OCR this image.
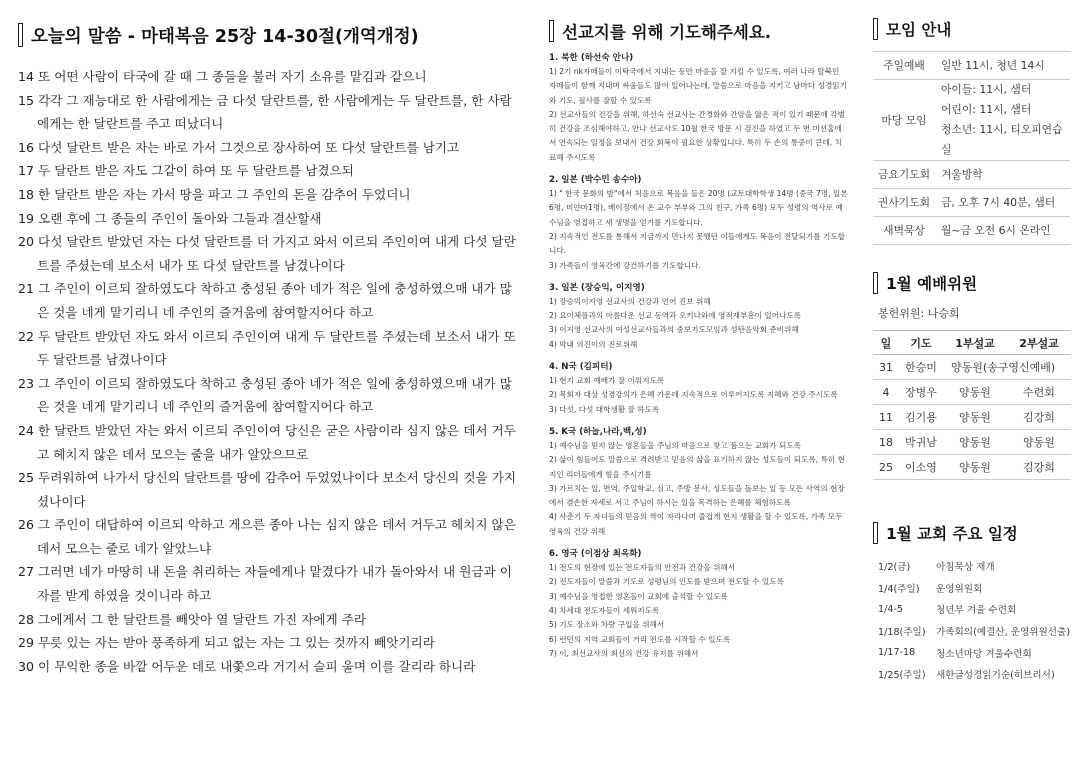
오늘의 말씀 - 마태복음 25장 14-30절(개역개정)
14 또 어떤 사람이 타국에 갈 때 그 종들을 불러 자기 소유를 맡김과 같으니
15 각각 그 재능대로 한 사람에게는 금 다섯 달란트를, 한 사람에게는 두 달란트를, 한 사람에게는 한 달란트를 주고 떠났더니
16 다섯 달란트 받은 자는 바로 가서 그것으로 장사하여 또 다섯 달란트를 남기고
17 두 달란트 받은 자도 그같이 하여 또 두 달란트를 남겼으되
18 한 달란트 받은 자는 가서 땅을 파고 그 주인의 돈을 감추어 두었더니
19 오랜 후에 그 종들의 주인이 돌아와 그들과 결산할새
20 다섯 달란트 받았던 자는 다섯 달란트를 더 가지고 와서 이르되 주인이여 내게 다섯 달란트를 주셨는데 보소서 내가 또 다섯 달란트를 남겼나이다
21 그 주인이 이르되 잘하였도다 착하고 충성된 종아 네가 적은 일에 충성하였으매 내가 많은 것을 네게 맡기리니 네 주인의 즐거움에 참여할지어다 하고
22 두 달란트 받았던 자도 와서 이르되 주인이여 내게 두 달란트를 주셨는데 보소서 내가 또 두 달란트를 남겼나이다
23 그 주인이 이르되 잘하였도다 착하고 충성된 종아 네가 적은 일에 충성하였으매 내가 많은 것을 네게 맡기리니 네 주인의 즐거움에 참여할지어다 하고
24 한 달란트 받았던 자는 와서 이르되 주인이여 당신은 굳은 사람이라 심지 않은 데서 거두고 헤치지 않은 데서 모으는 줄을 내가 알았으므로
25 두려워하여 나가서 당신의 달란트를 땅에 감추어 두었었나이다 보소서 당신의 것을 가지셨나이다
26 그 주인이 대답하여 이르되 악하고 게으른 종아 나는 심지 않은 데서 거두고 헤치지 않은 데서 모으는 줄로 네가 알았느냐
27 그러면 네가 마땅히 내 돈을 취리하는 자들에게나 맡겼다가 내가 돌아와서 내 원금과 이자를 받게 하였을 것이니라 하고
28 그에게서 그 한 달란트를 빼앗아 열 달란트 가진 자에게 주라
29 무릇 있는 자는 받아 풍족하게 되고 없는 자는 그 있는 것까지 빼앗기리라
30 이 무익한 종을 바깥 어두운 데로 내쫓으라 거기서 슬피 울며 이를 갈리라 하니라
선교지를 위해 기도해주세요.
1. 북한 (하선숙 안나)
1) 2기 nk자매들이 이탁국에서 지내는 동안 마음을 잘 지킬 수 있도록, 여러 나라 탈북민 자매들이 함께 지내며 싸움들도 많이 일어나는데, 말씀으로 마음을 지키고 남마다 성경읽기와 기도, 필사를 잘할 수 있도록
2) 선교사들의 건강을 위해, 하선숙 선교사는 간경화와 간암을 앓은 적이 있기 때문에 각별히 건강을 조심해야하고, 안나 선교사도 10월 한국 방문 시 검진을 하였고 두 번 미션홈에서 연속되는 일정을 보내서 건강 회복이 필요한 상황입니다. 특히 두 손의 통증이 큰데, 치료해 주시도록
2. 일본 (박수민 송수아)
1) " 한국 문화의 밤"에서 처음으로 복음을 들은 20명 (교토대학학생 14명 (중국 7명, 일본6명, 미얀마1명), 베이징에서 온 교수 부부와 그의 친구, 가족 6명) 모두 성령의 역사로 예수님을 영접하고 새 생명을 얻기를 기도합니다.
2) 지속적인 전도를 통해서 지금까지 만나지 못했던 이들에게도 복음이 전달되기를 기도합니다.
3) 가족들이 영육간에 강건하기를 기도합니다.
3. 일본 (장승익, 이지영)
1) 장승익이지영 선교사의 건강과 언어 진보 위해
2) 요이체플과의 아름다운 선교 동역과 오키나와에 영적재부흥이 일어나도록
3) 이지영 선교사의 여성선교사들과의 중보기도모임과 성탄음악회 준비위해
4) 막내 의진이의 진로위해
4. N국 (김피터)
1) 현지 교회 예배가 잘 이뤄지도록
2) 목회자 대상 성경강의가 은혜 가운데 지속적으로 이루어지도록 지혜와 건강 주시도록
3) 다섯, 다섯 대학생활 잘 하도록
5. K국 (하늘,나라,백,성)
1) 예수님을 믿지 않는 영혼들을 주님의 마음으로 찾고 품으는 교회가 되도록
2) 삶이 힘들어도 말씀으로 격려받고 믿음의 삶을 표기하지 않는 성도들이 되도록, 특히 현지인 리더들에게 힘을 주시기를
3) 가르치는 일, 번역, 주일학교, 심고, 주방 봉사, 성도들을 돌보는 일 등 모든 사역의 현장에서 겸손한 자세로 서고 주님이 하시는 일을 목격하는 은혜를 체험하도록
4) 사춘기 두 자녀들의 믿음의 싹이 자라나며 즐겁게 현지 생활을 할 수 있도록, 가족 모두 영육의 건강 위해
6. 영국 (이점상 최옥화)
1) 전도의 현장에 있는 전도자들의 안전과 건강을 위해서
2) 전도자들이 말씀과 기도로 성령님의 인도를 받으며 전도할 수 있도록
3) 예수님을 영접한 영혼들이 교회에 출석할 수 있도록
4) 차세대 전도자들이 세워지도록
5) 기도 장소와 차량 구입을 위해서
6) 런던의 지역 교회들이 거리 전도를 시작할 수 있도록
7) 이, 최선교사의 최선의 건강 유지를 위해서
모임 안내
주일예배	일반 11시, 청년 14시

마당 모임	아이들: 11시, 샘터
어린이: 11시, 샘터
청소년: 11시, 티오피연습실

금요기도회	겨울방학

권사기도회	금, 오후 7시 40분, 샘터

새벽묵상	월~금 오전 6시 온라인
1월 예배위원
봉헌위원: 나승희
일	기도	1부설교	2부설교
31	한승미	양동원(송구영신예배)	
4	장병우	양동원	수련회
11	김기용	양동원	김강희
18	박귀남	양동원	양동원
25	이소영	양동원	김강희
1월 교회 주요 일정
1/2(금)	아침묵상 재개
1/4(주일)	운영위원회
1/4-5	청년부 겨울 수련회
1/18(주일)	가족회의(예결산, 운영위원선출)
1/17-18	청소년마당 겨울수련회
1/25(주일)	새한글성경읽기순(히브리서)
